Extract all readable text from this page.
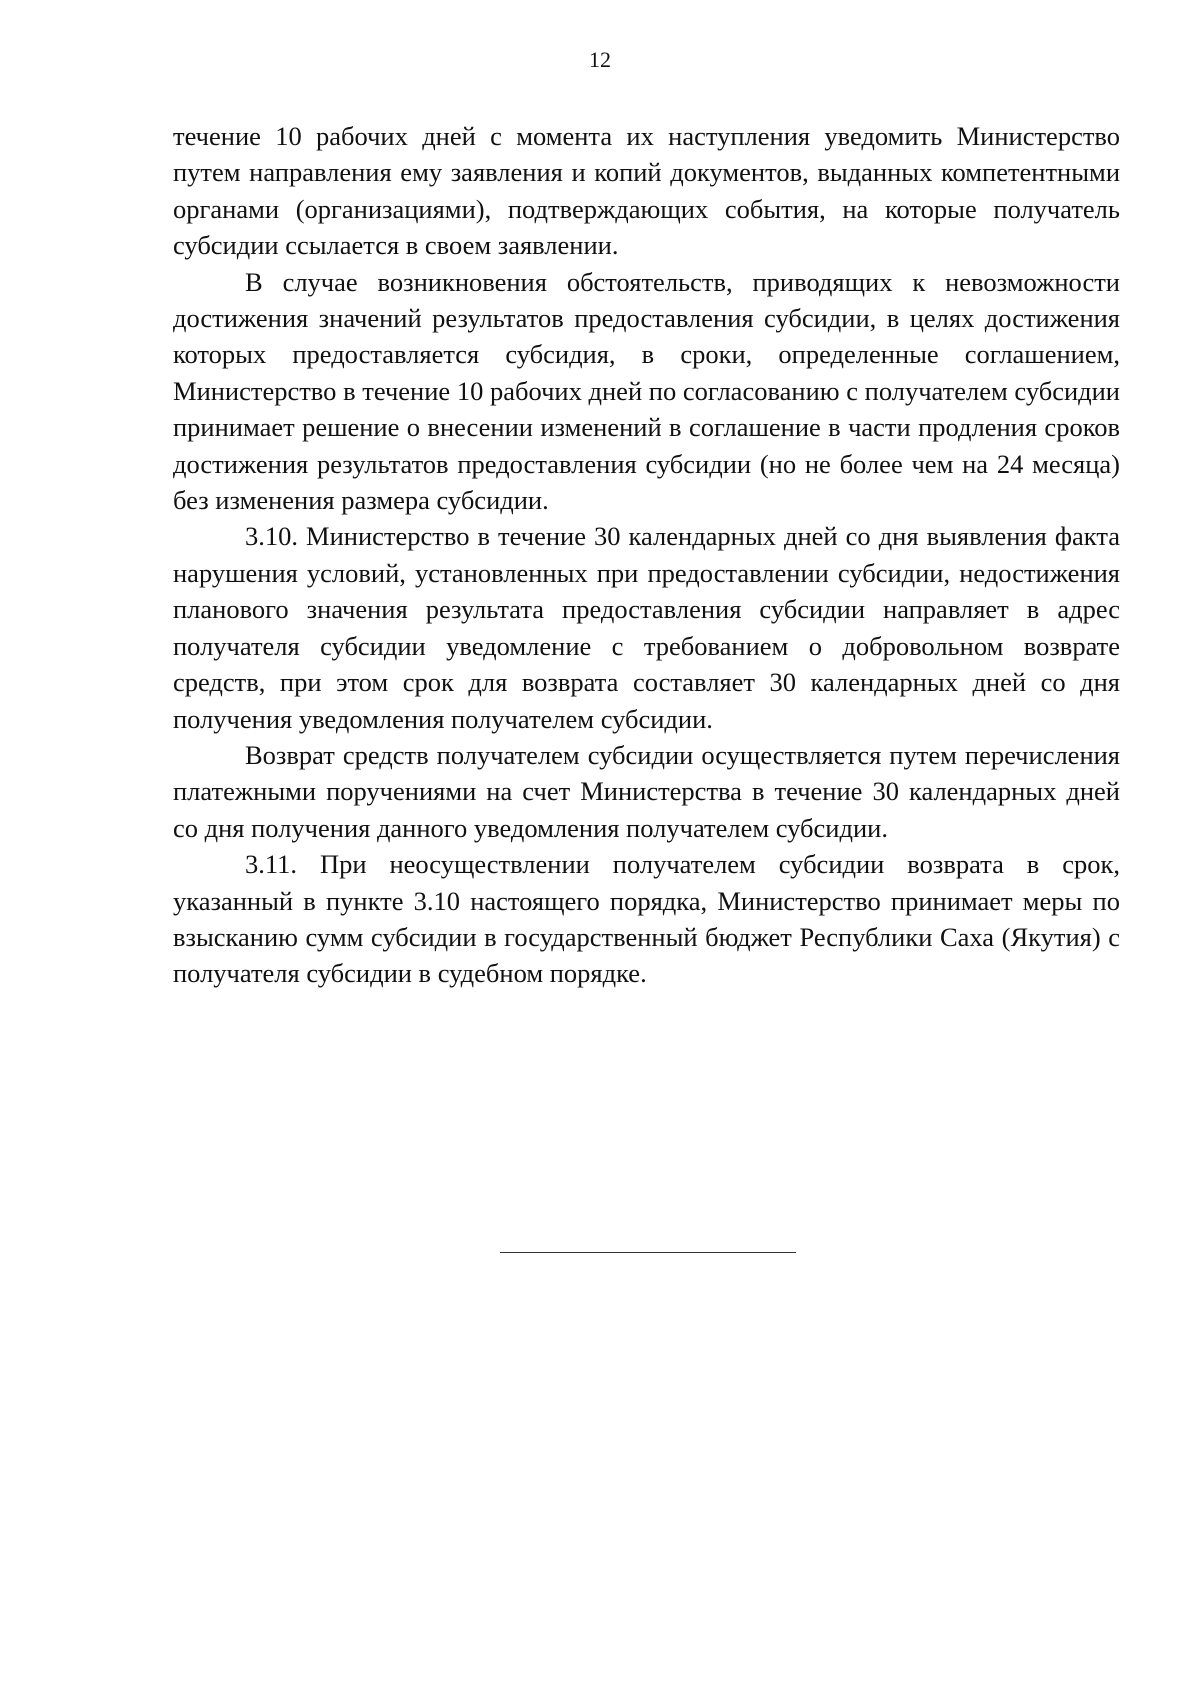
12

течение 10 рабочих дней с момента их наступления уведомить Министерство путем направления ему заявления и копий документов, выданных компетентными органами (организациями), подтверждающих события, на которые получатель субсидии ссылается в своем заявлении.

В случае возникновения обстоятельств, приводящих к невозможности достижения значений результатов предоставления субсидии, в целях достижения которых предоставляется субсидия, в сроки, определенные соглашением, Министерство в течение 10 рабочих дней по согласованию с получателем субсидии принимает решение о внесении изменений в соглашение в части продления сроков достижения результатов предоставления субсидии (но не более чем на 24 месяца) без изменения размера субсидии.

3.10. Министерство в течение 30 календарных дней со дня выявления факта нарушения условий, установленных при предоставлении субсидии, недостижения планового значения результата предоставления субсидии направляет в адрес получателя субсидии уведомление с требованием о добровольном возврате средств, при этом срок для возврата составляет 30 календарных дней со дня получения уведомления получателем субсидии.

Возврат средств получателем субсидии осуществляется путем перечисления платежными поручениями на счет Министерства в течение 30 календарных дней со дня получения данного уведомления получателем субсидии.

3.11. При неосуществлении получателем субсидии возврата в срок, указанный в пункте 3.10 настоящего порядка, Министерство принимает меры по взысканию сумм субсидии в государственный бюджет Республики Саха (Якутия) с получателя субсидии в судебном порядке.
